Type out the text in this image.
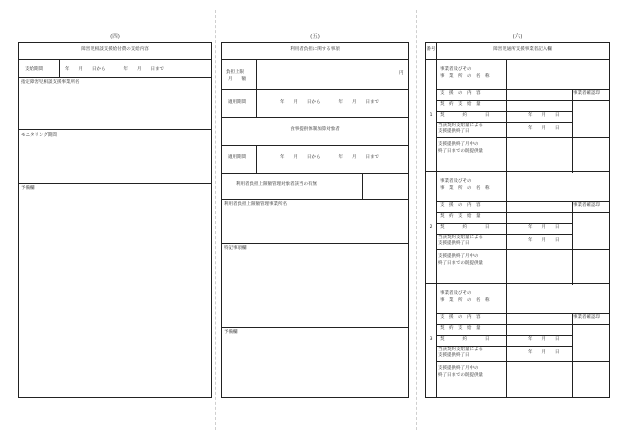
(四)	(五)	(六)
障害児相談支援給付費の支給内容
支給期間	年　　月　　日から　　　　年　　月　　日まで
指定障害児相談支援事業所名
モニタリング期間
予備欄
利用者負担に関する事項
負担上限
月　　額
円
適用期間	年　　月　　日から　　　　年　　月　　日まで
食事提供体制加算対象者
適用期間	年　　月　　日から　　　　年　　月　　日まで
利用者負担上限額管理対象者該当の有無
利用者負担上限額管理事業所名
特記事項欄
予備欄
番号	障害児通所支援事業者記入欄
1
事業者及びその
事　業　所　の　名　称
支　援　の　内　容	事業者確認印
契　約　支　給　量
契　　　　約　　　　日	年　　月　　日
当該契約支給量による
支援提供終了日
年　　月　　日
支援提供終了月中の
終了日までの既提供量
2
事業者及びその
事　業　所　の　名　称
支　援　の　内　容	事業者確認印
契　約　支　給　量
契　　　　約　　　　日	年　　月　　日
当該契約支給量による
支援提供終了日
年　　月　　日
支援提供終了月中の
終了日までの既提供量
3
事業者及びその
事　業　所　の　名　称
支　援　の　内　容	事業者確認印
契　約　支　給　量
契　　　　約　　　　日	年　　月　　日
当該契約支給量による
支援提供終了日
年　　月　　日
支援提供終了月中の
終了日までの既提供量
